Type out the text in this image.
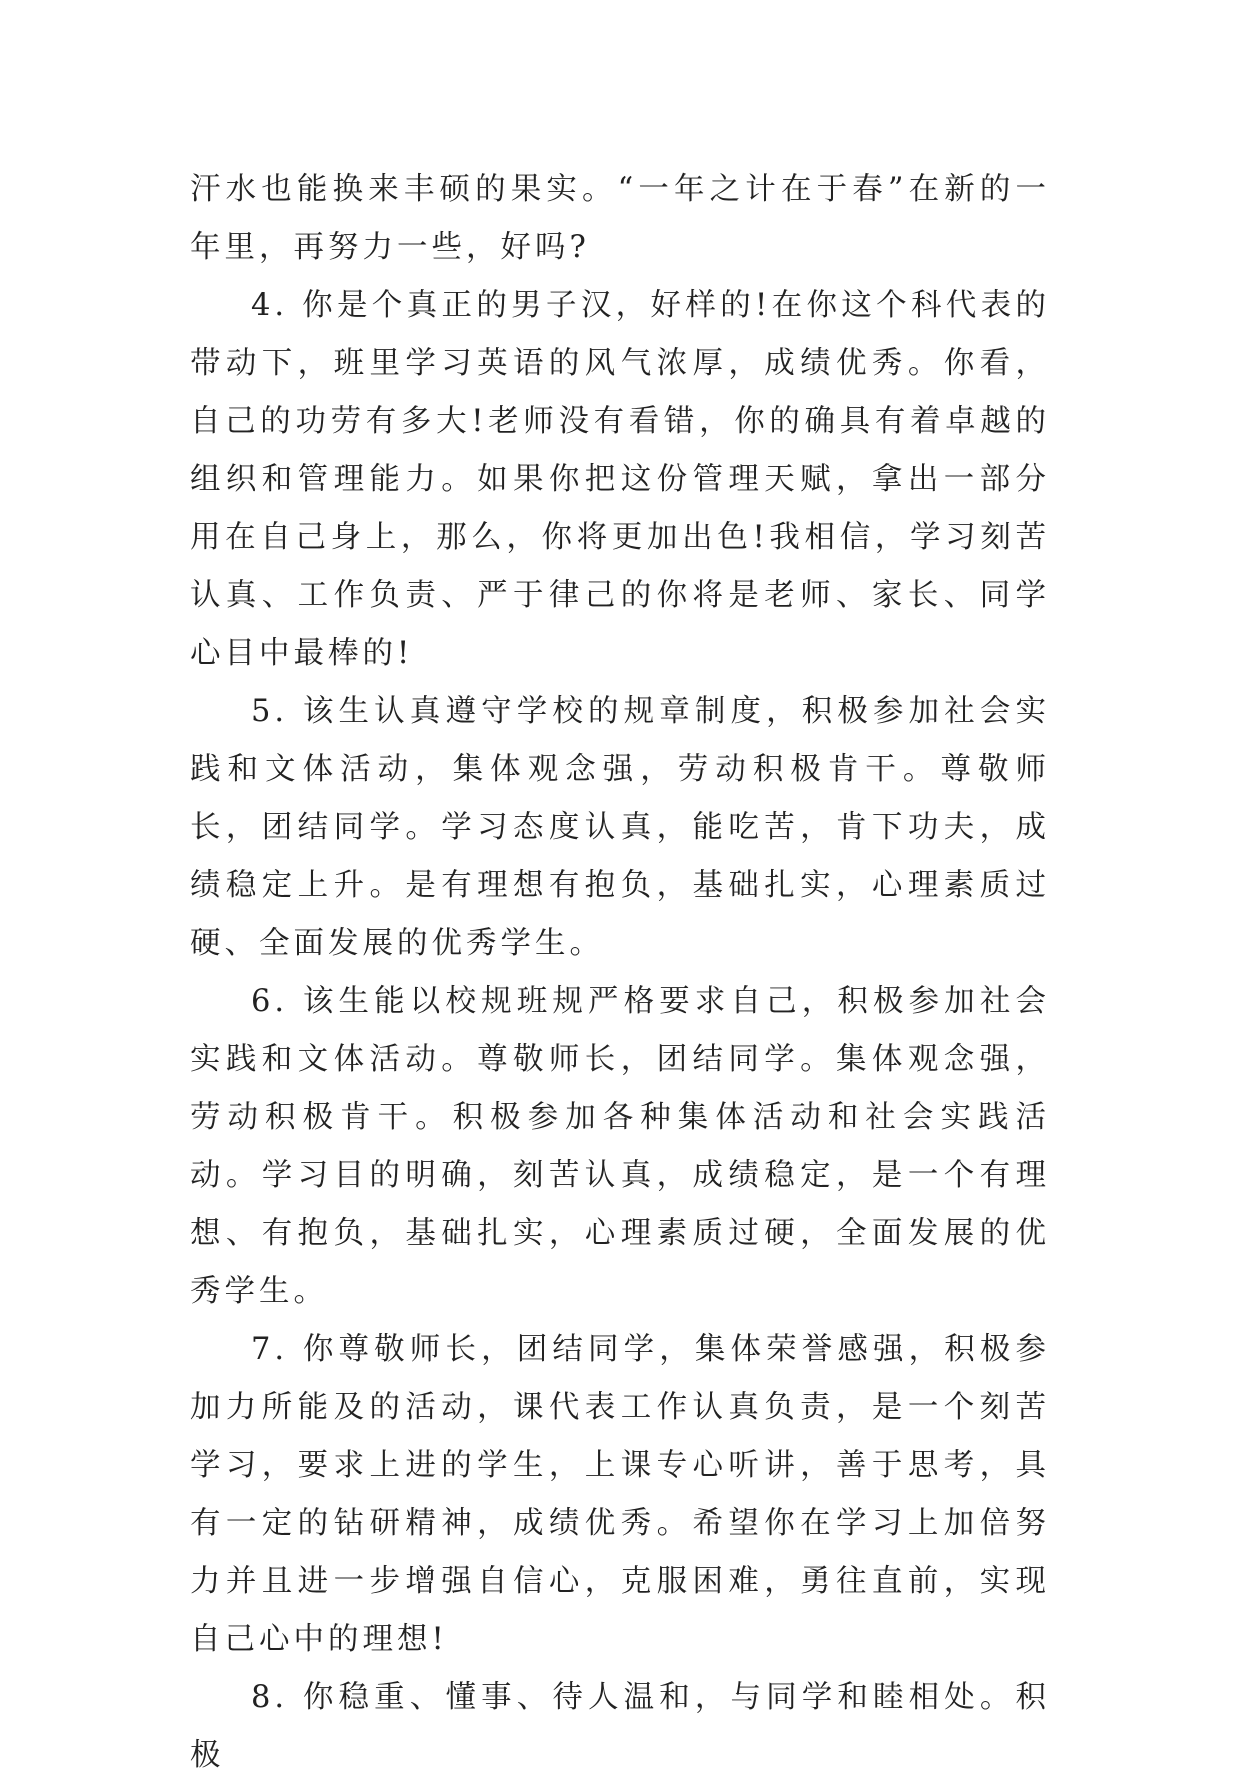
汗水也能换来丰硕的果实。“一年之计在于春”在新的一年里，再努力一些，好吗?

4. 你是个真正的男子汉，好样的!在你这个科代表的带动下，班里学习英语的风气浓厚，成绩优秀。你看，自己的功劳有多大!老师没有看错，你的确具有着卓越的组织和管理能力。如果你把这份管理天赋，拿出一部分用在自己身上，那么，你将更加出色!我相信，学习刻苦认真、工作负责、严于律己的你将是老师、家长、同学心目中最棒的!

5. 该生认真遵守学校的规章制度，积极参加社会实践和文体活动，集体观念强，劳动积极肯干。尊敬师长，团结同学。学习态度认真，能吃苦，肯下功夫，成绩稳定上升。是有理想有抱负，基础扎实，心理素质过硬、全面发展的优秀学生。

6. 该生能以校规班规严格要求自己，积极参加社会实践和文体活动。尊敬师长，团结同学。集体观念强，劳动积极肯干。积极参加各种集体活动和社会实践活动。学习目的明确，刻苦认真，成绩稳定，是一个有理想、有抱负，基础扎实，心理素质过硬，全面发展的优秀学生。

7. 你尊敬师长，团结同学，集体荣誉感强，积极参加力所能及的活动，课代表工作认真负责，是一个刻苦学习，要求上进的学生，上课专心听讲，善于思考，具有一定的钻研精神，成绩优秀。希望你在学习上加倍努力并且进一步增强自信心，克服困难，勇往直前，实现自己心中的理想!

8. 你稳重、懂事、待人温和，与同学和睦相处。积极
